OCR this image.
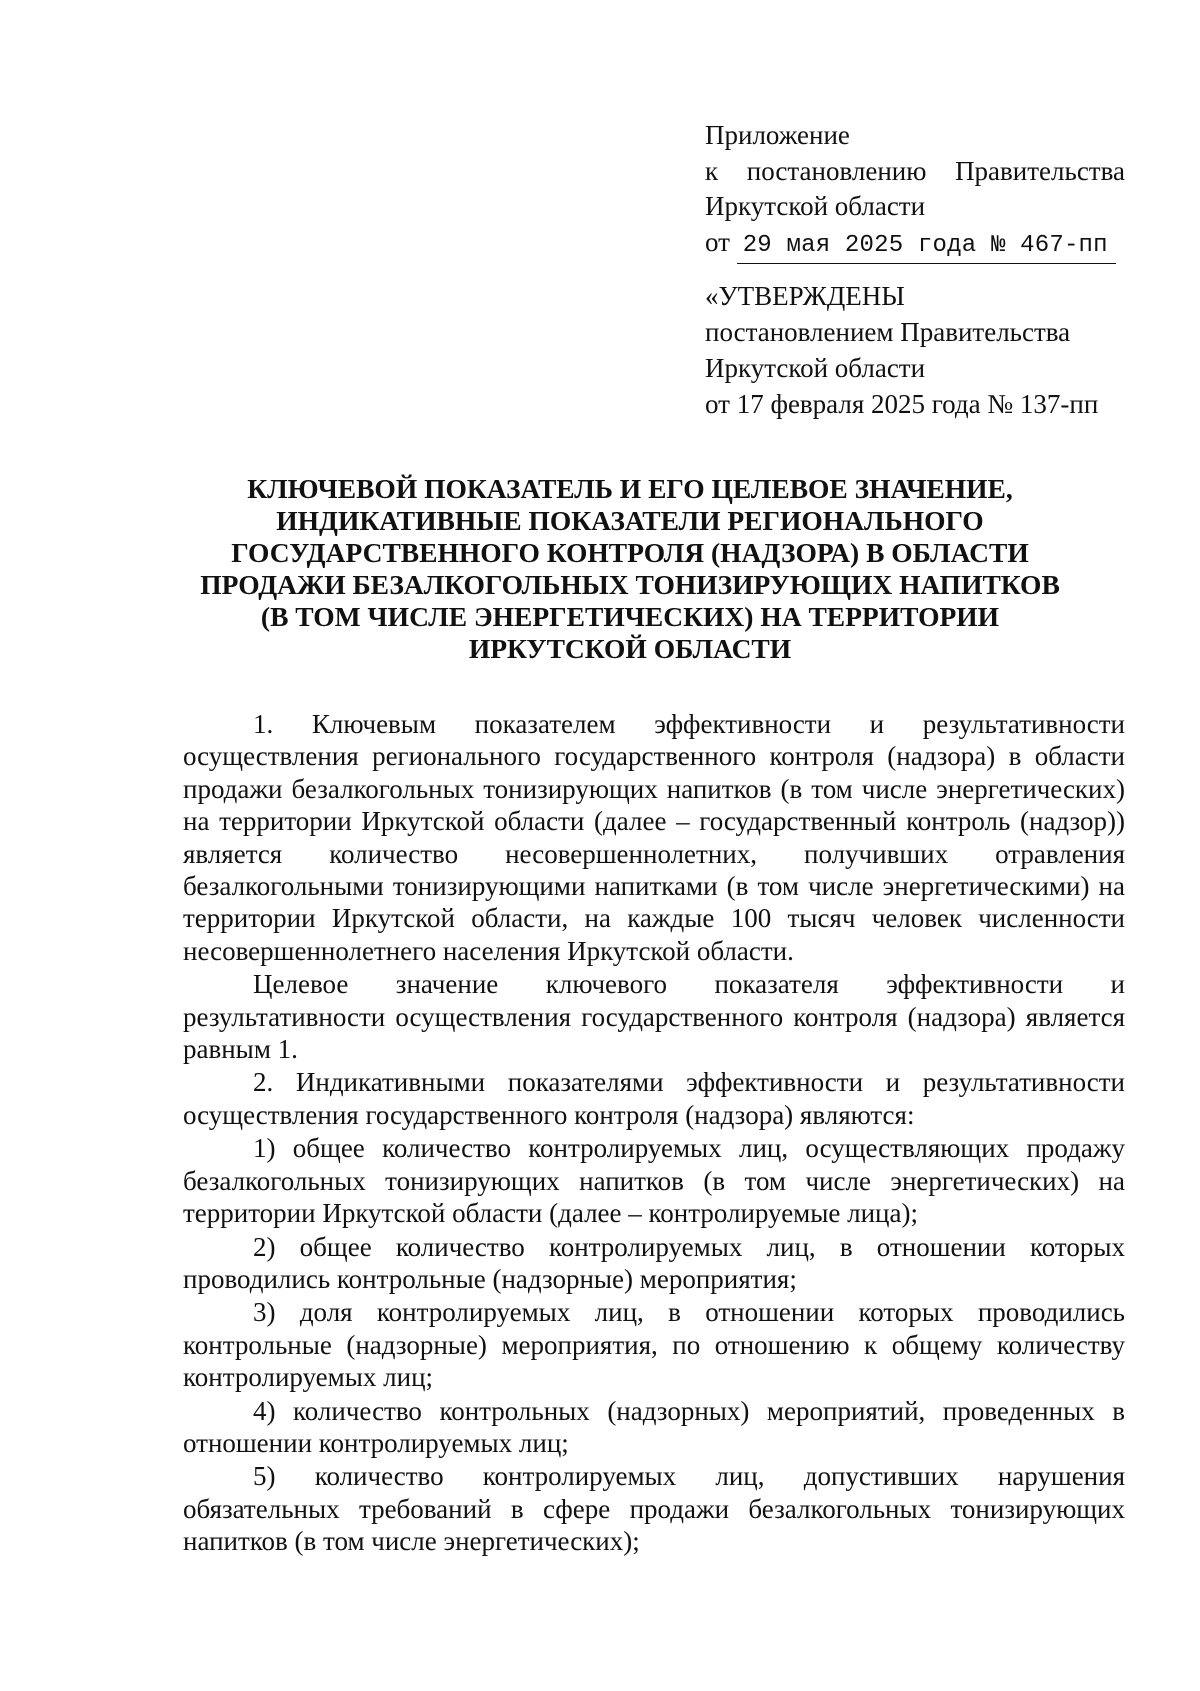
Приложение
к постановлению Правительства
Иркутской области
от 29 мая 2025 года № 467-пп
«УТВЕРЖДЕНЫ
постановлением Правительства
Иркутской области
от 17 февраля 2025 года № 137-пп
КЛЮЧЕВОЙ ПОКАЗАТЕЛЬ И ЕГО ЦЕЛЕВОЕ ЗНАЧЕНИЕ,
ИНДИКАТИВНЫЕ ПОКАЗАТЕЛИ РЕГИОНАЛЬНОГО
ГОСУДАРСТВЕННОГО КОНТРОЛЯ (НАДЗОРА) В ОБЛАСТИ
ПРОДАЖИ БЕЗАЛКОГОЛЬНЫХ ТОНИЗИРУЮЩИХ НАПИТКОВ
(В ТОМ ЧИСЛЕ ЭНЕРГЕТИЧЕСКИХ) НА ТЕРРИТОРИИ
ИРКУТСКОЙ ОБЛАСТИ

1. Ключевым показателем эффективности и результативности осуществления регионального государственного контроля (надзора) в области продажи безалкогольных тонизирующих напитков (в том числе энергетических) на территории Иркутской области (далее – государственный контроль (надзор)) является количество несовершеннолетних, получивших отравления безалкогольными тонизирующими напитками (в том числе энергетическими) на территории Иркутской области, на каждые 100 тысяч человек численности несовершеннолетнего населения Иркутской области.

Целевое значение ключевого показателя эффективности и результативности осуществления государственного контроля (надзора) является равным 1.

2. Индикативными показателями эффективности и результативности осуществления государственного контроля (надзора) являются:

1) общее количество контролируемых лиц, осуществляющих продажу безалкогольных тонизирующих напитков (в том числе энергетических) на территории Иркутской области (далее – контролируемые лица);

2) общее количество контролируемых лиц, в отношении которых проводились контрольные (надзорные) мероприятия;

3) доля контролируемых лиц, в отношении которых проводились контрольные (надзорные) мероприятия, по отношению к общему количеству контролируемых лиц;

4) количество контрольных (надзорных) мероприятий, проведенных в отношении контролируемых лиц;

5) количество контролируемых лиц, допустивших нарушения обязательных требований в сфере продажи безалкогольных тонизирующих напитков (в том числе энергетических);
